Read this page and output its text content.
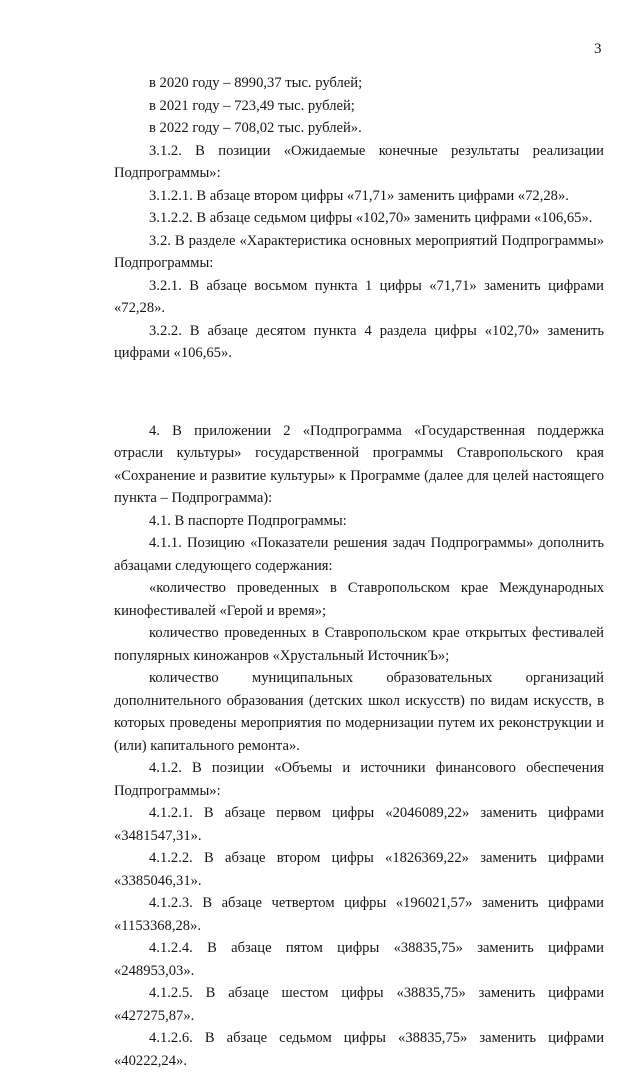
3

в 2020 году – 8990,37 тыс. рублей;

в 2021 году – 723,49 тыс. рублей;

в 2022 году – 708,02 тыс. рублей».

3.1.2. В позиции «Ожидаемые конечные результаты реализации Подпрограммы»:

3.1.2.1. В абзаце втором цифры «71,71» заменить цифрами «72,28».

3.1.2.2. В абзаце седьмом цифры «102,70» заменить цифрами «106,65».

3.2. В разделе «Характеристика основных мероприятий Подпрограммы» Подпрограммы:

3.2.1. В абзаце восьмом пункта 1 цифры «71,71» заменить цифрами «72,28».

3.2.2. В абзаце десятом пункта 4 раздела цифры «102,70» заменить цифрами «106,65».

4. В приложении 2 «Подпрограмма «Государственная поддержка отрасли культуры» государственной программы Ставропольского края «Сохранение и развитие культуры» к Программе (далее для целей настоящего пункта – Подпрограмма):

4.1. В паспорте Подпрограммы:

4.1.1. Позицию «Показатели решения задач Подпрограммы» дополнить абзацами следующего содержания:

«количество проведенных в Ставропольском крае Международных кинофестивалей «Герой и время»;

количество проведенных в Ставропольском крае открытых фестивалей популярных киножанров «Хрустальный ИсточникЪ»;

количество муниципальных образовательных организаций дополнительного образования (детских школ искусств) по видам искусств, в которых проведены мероприятия по модернизации путем их реконструкции и (или) капитального ремонта».

4.1.2. В позиции «Объемы и источники финансового обеспечения Подпрограммы»:

4.1.2.1. В абзаце первом цифры «2046089,22» заменить цифрами «3481547,31».

4.1.2.2. В абзаце втором цифры «1826369,22» заменить цифрами «3385046,31».

4.1.2.3. В абзаце четвертом цифры «196021,57» заменить цифрами «1153368,28».

4.1.2.4. В абзаце пятом цифры «38835,75» заменить цифрами «248953,03».

4.1.2.5. В абзаце шестом цифры «38835,75» заменить цифрами «427275,87».

4.1.2.6. В абзаце седьмом цифры «38835,75» заменить цифрами «40222,24».
